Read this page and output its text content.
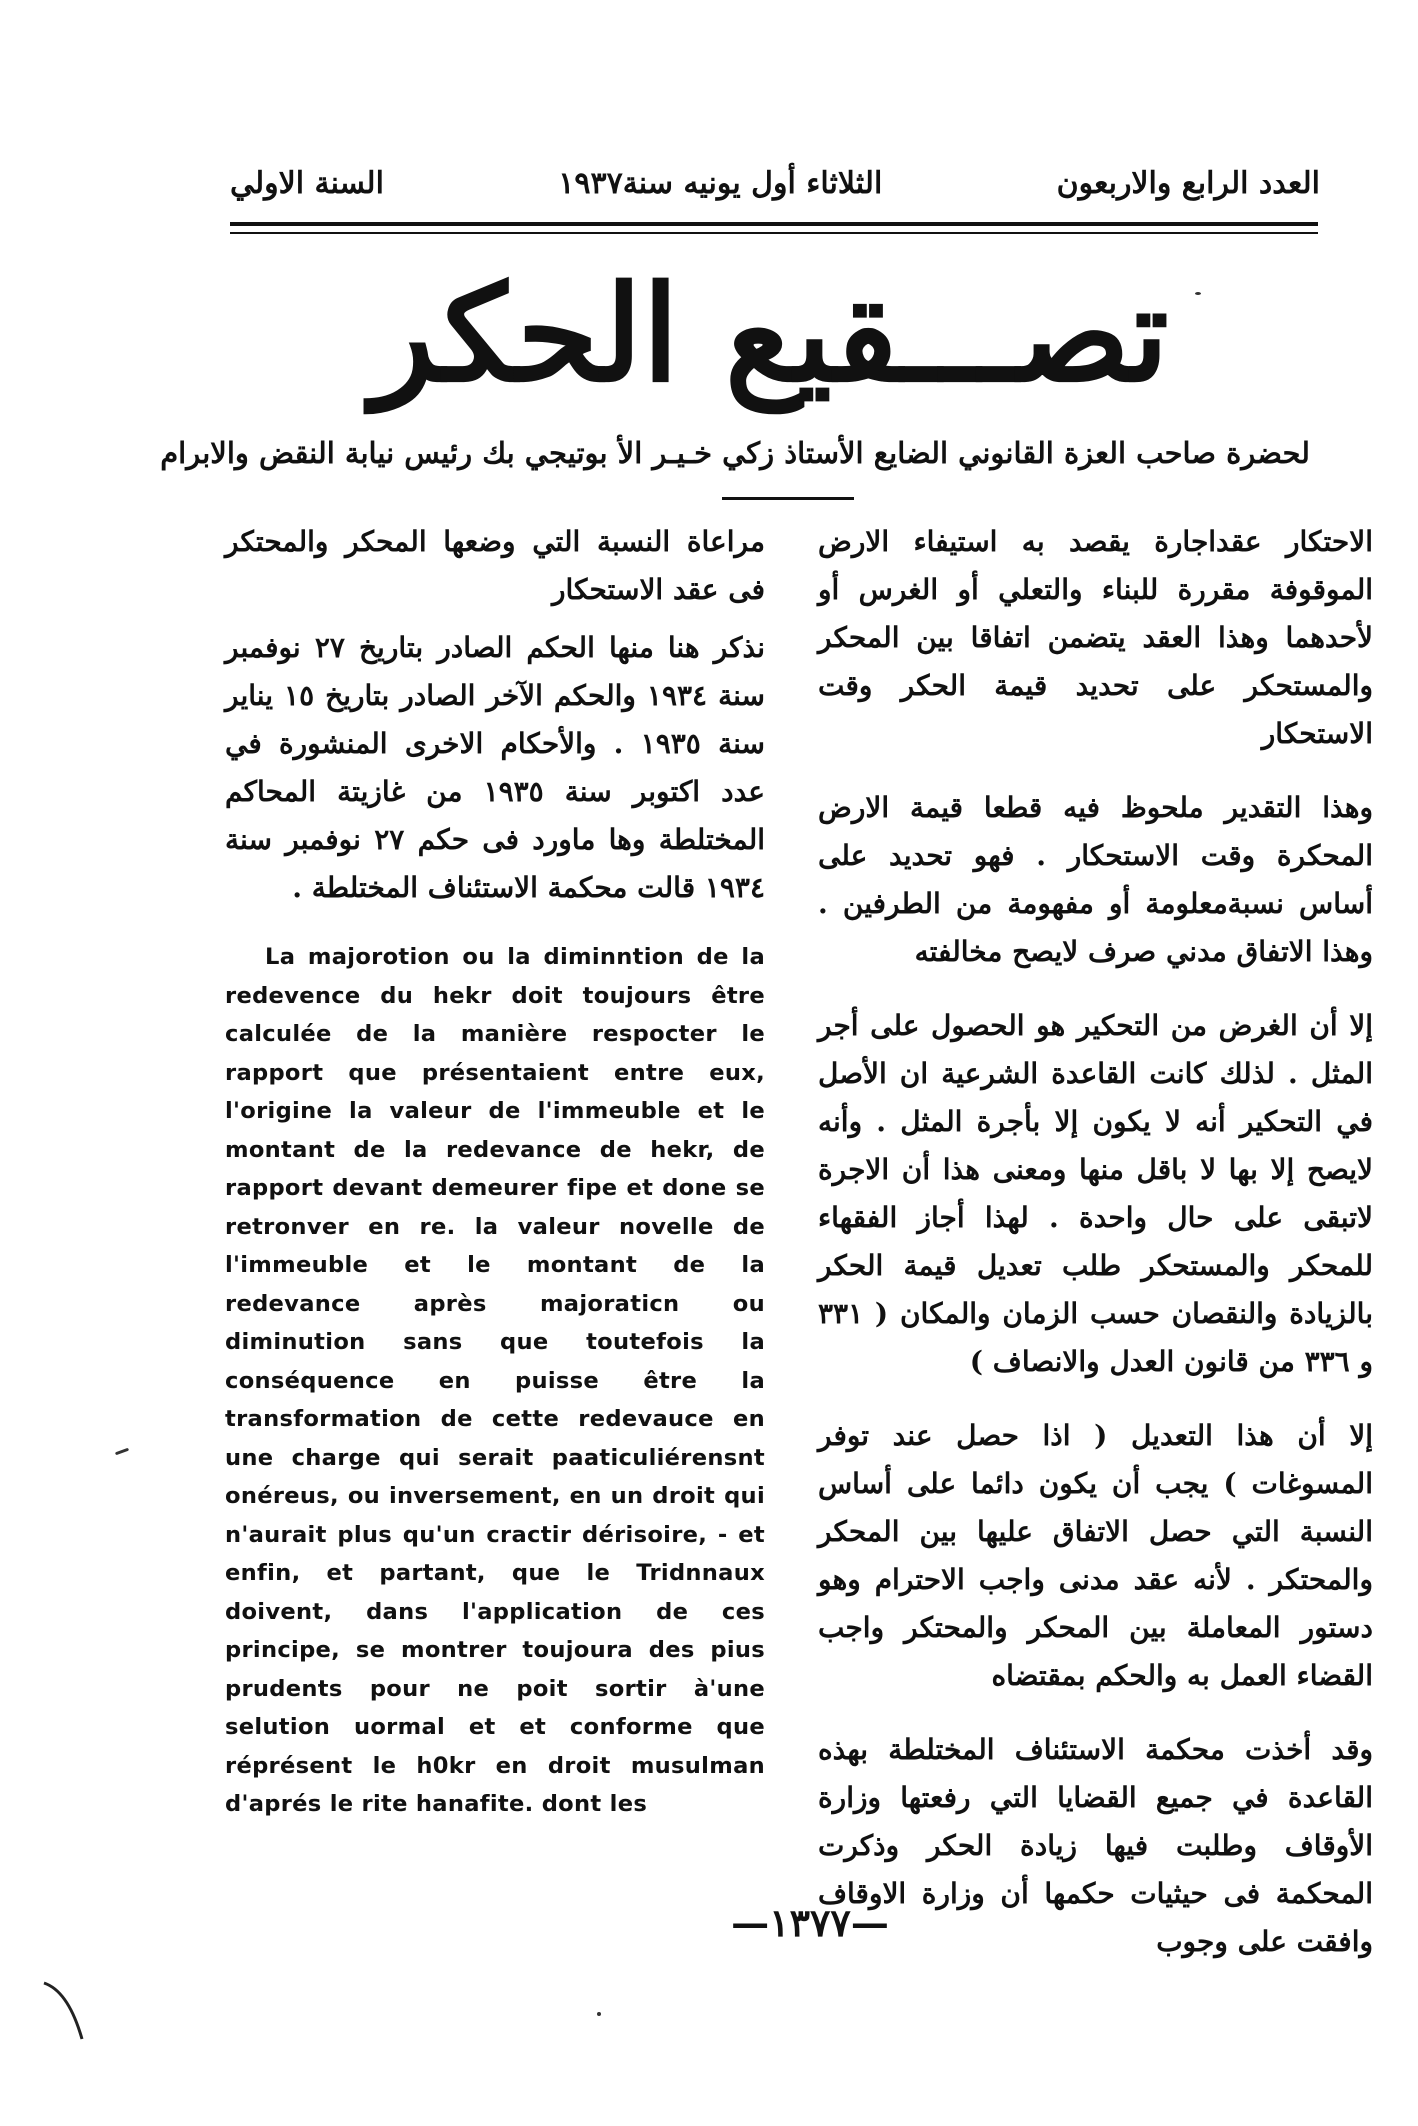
العدد الرابع والاربعون
الثلاثاء أول يونيه سنة١٩٣٧
السنة الاولي
تصـــقيع الحكر
لحضرة صاحب العزة القانوني الضايع الأستاذ زكي خـيـر الأ بوتيجي بك رئيس نيابة النقض والابرام

الاحتكار عقداجارة يقصد به استيفاء الارض الموقوفة مقررة للبناء والتعلي أو الغرس أو لأحدهما وهذا العقد يتضمن اتفاقا بين المحكر والمستحكر على تحديد قيمة الحكر وقت الاستحكار

وهذا التقدير ملحوظ فيه قطعا قيمة الارض المحكرة وقت الاستحكار . فهو تحديد على أساس نسبةمعلومة أو مفهومة من الطرفين . وهذا الاتفاق مدني صرف لايصح مخالفته

إلا أن الغرض من التحكير هو الحصول على أجر المثل . لذلك كانت القاعدة الشرعية ان الأصل في التحكير أنه لا يكون إلا بأجرة المثل . وأنه لايصح إلا بها لا باقل منها ومعنى هذا أن الاجرة لاتبقى على حال واحدة . لهذا أجاز الفقهاء للمحكر والمستحكر طلب تعديل قيمة الحكر بالزيادة والنقصان حسب الزمان والمكان ( ٣٣١ و ٣٣٦ من قانون العدل والانصاف )

إلا أن هذا التعديل ( اذا حصل عند توفر المسوغات ) يجب أن يكون دائما على أساس النسبة التي حصل الاتفاق عليها بين المحكر والمحتكر . لأنه عقد مدنى واجب الاحترام وهو دستور المعاملة بين المحكر والمحتكر واجب القضاء العمل به والحكم بمقتضاه

وقد أخذت محكمة الاستئناف المختلطة بهذه القاعدة في جميع القضايا التي رفعتها وزارة الأوقاف وطلبت فيها زيادة الحكر وذكرت المحكمة فى حيثيات حكمها أن وزارة الاوقاف وافقت على وجوب

مراعاة النسبة التي وضعها المحكر والمحتكر فى عقد الاستحكار

نذكر هنا منها الحكم الصادر بتاريخ ٢٧ نوفمبر سنة ١٩٣٤ والحكم الآخر الصادر بتاريخ ١٥ يناير سنة ١٩٣٥ . والأحكام الاخرى المنشورة في عدد اكتوبر سنة ١٩٣٥ من غازيتة المحاكم المختلطة وها ماورد فى حكم ٢٧ نوفمبر سنة ١٩٣٤ قالت محكمة الاستئناف المختلطة .

La majorotion ou la diminntion de la redevence du hekr doit toujours être calculée de la manière respocter le rapport que présentaient entre eux, l'origine la valeur de l'immeuble et le montant de la redevance de hekr, de rapport devant demeurer fipe et done se retronver en re. la valeur novelle de l'immeuble et le montant de la redevance après majoraticn ou diminution sans que toutefois la conséquence en puisse être la transformation de cette redevauce en une charge qui serait paaticuliérensnt onéreus, ou inversement, en un droit qui n'aurait plus qu'un cractir dérisoire, - et enfin, et partant, que le Tridnnaux doivent, dans l'application de ces principe, se montrer toujoura des pius prudents pour ne poit sortir à'une selution uormal et et conforme que réprésent le h0kr en droit musulman d'aprés le rite hanafite. dont les

—١٣٧٧—
